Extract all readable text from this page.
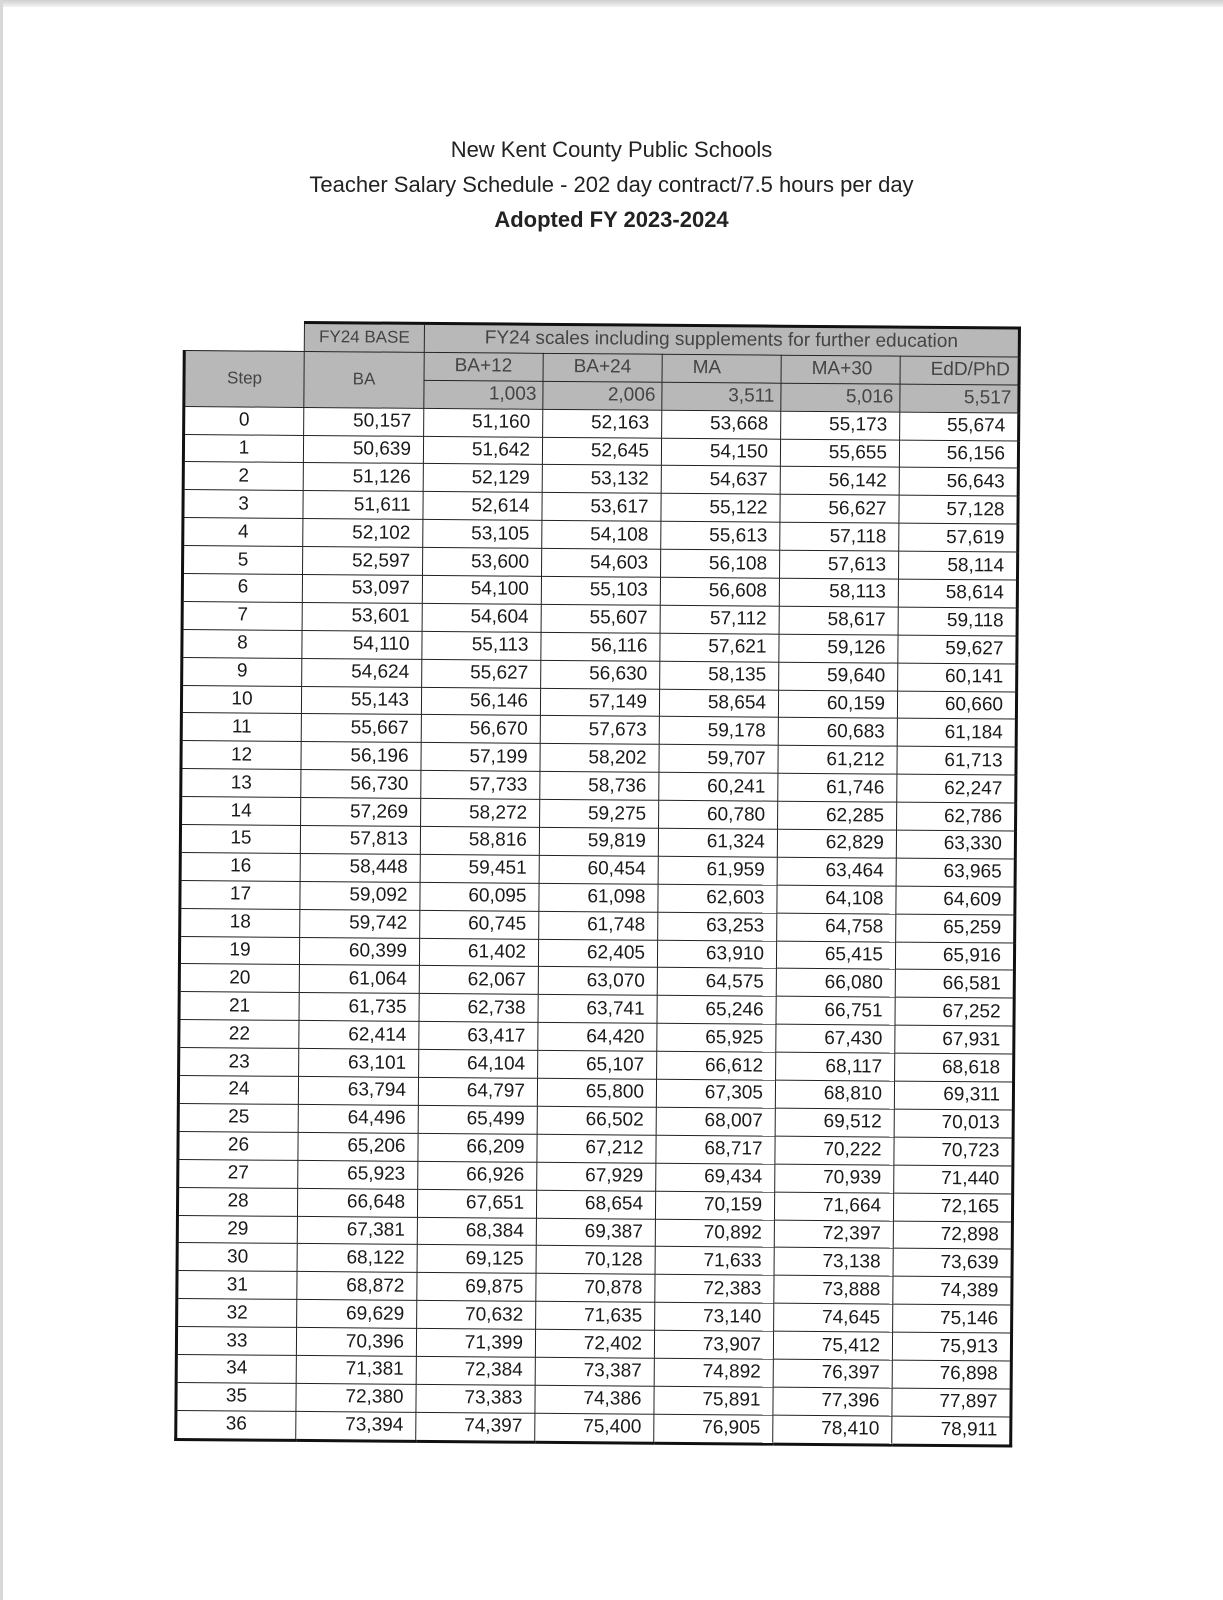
New Kent County Public Schools
Teacher Salary Schedule - 202 day contract/7.5 hours per day
Adopted FY 2023-2024
	FY24 BASE	FY24 scales including supplements for further education				
Step	BA	BA+12	BA+24	MA	MA+30	EdD/PhD
		1,003	2,006	3,511	5,016	5,517
0	50,157	51,160	52,163	53,668	55,173	55,674
1	50,639	51,642	52,645	54,150	55,655	56,156
2	51,126	52,129	53,132	54,637	56,142	56,643
3	51,611	52,614	53,617	55,122	56,627	57,128
4	52,102	53,105	54,108	55,613	57,118	57,619
5	52,597	53,600	54,603	56,108	57,613	58,114
6	53,097	54,100	55,103	56,608	58,113	58,614
7	53,601	54,604	55,607	57,112	58,617	59,118
8	54,110	55,113	56,116	57,621	59,126	59,627
9	54,624	55,627	56,630	58,135	59,640	60,141
10	55,143	56,146	57,149	58,654	60,159	60,660
11	55,667	56,670	57,673	59,178	60,683	61,184
12	56,196	57,199	58,202	59,707	61,212	61,713
13	56,730	57,733	58,736	60,241	61,746	62,247
14	57,269	58,272	59,275	60,780	62,285	62,786
15	57,813	58,816	59,819	61,324	62,829	63,330
16	58,448	59,451	60,454	61,959	63,464	63,965
17	59,092	60,095	61,098	62,603	64,108	64,609
18	59,742	60,745	61,748	63,253	64,758	65,259
19	60,399	61,402	62,405	63,910	65,415	65,916
20	61,064	62,067	63,070	64,575	66,080	66,581
21	61,735	62,738	63,741	65,246	66,751	67,252
22	62,414	63,417	64,420	65,925	67,430	67,931
23	63,101	64,104	65,107	66,612	68,117	68,618
24	63,794	64,797	65,800	67,305	68,810	69,311
25	64,496	65,499	66,502	68,007	69,512	70,013
26	65,206	66,209	67,212	68,717	70,222	70,723
27	65,923	66,926	67,929	69,434	70,939	71,440
28	66,648	67,651	68,654	70,159	71,664	72,165
29	67,381	68,384	69,387	70,892	72,397	72,898
30	68,122	69,125	70,128	71,633	73,138	73,639
31	68,872	69,875	70,878	72,383	73,888	74,389
32	69,629	70,632	71,635	73,140	74,645	75,146
33	70,396	71,399	72,402	73,907	75,412	75,913
34	71,381	72,384	73,387	74,892	76,397	76,898
35	72,380	73,383	74,386	75,891	77,396	77,897
36	73,394	74,397	75,400	76,905	78,410	78,911
